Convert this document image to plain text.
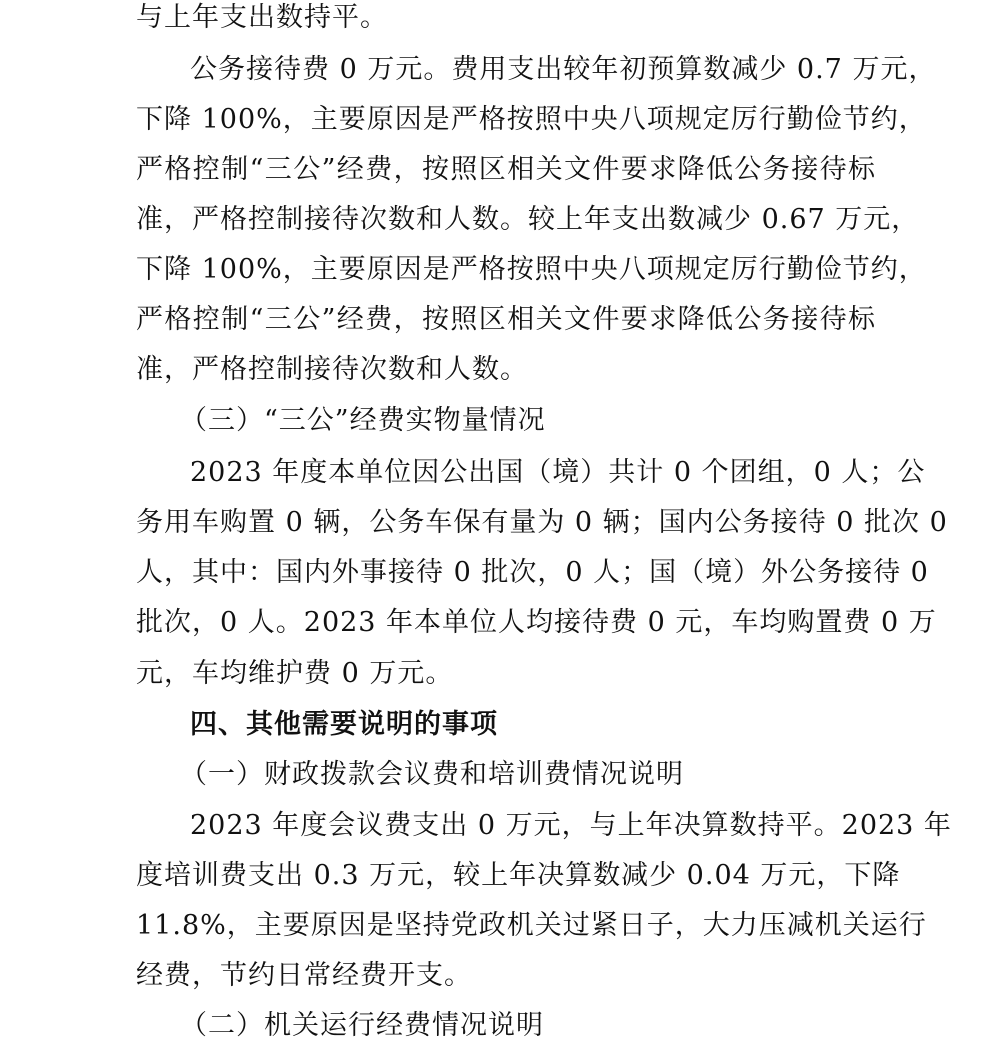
与上年支出数持平。
公务接待费 0 万元。费用支出较年初预算数减少 0.7 万元，
下降 100%，主要原因是严格按照中央八项规定厉行勤俭节约，
严格控制“三公”经费，按照区相关文件要求降低公务接待标
准，严格控制接待次数和人数。较上年支出数减少 0.67 万元，
下降 100%，主要原因是严格按照中央八项规定厉行勤俭节约，
严格控制“三公”经费，按照区相关文件要求降低公务接待标
准，严格控制接待次数和人数。
（三）“三公”经费实物量情况
2023 年度本单位因公出国（境）共计 0 个团组，0 人；公
务用车购置 0 辆，公务车保有量为 0 辆；国内公务接待 0 批次 0
人，其中：国内外事接待 0 批次，0 人；国（境）外公务接待 0
批次，0 人。2023 年本单位人均接待费 0 元，车均购置费 0 万
元，车均维护费 0 万元。
四、其他需要说明的事项
（一）财政拨款会议费和培训费情况说明
2023 年度会议费支出 0 万元，与上年决算数持平。2023 年
度培训费支出 0.3 万元，较上年决算数减少 0.04 万元，下降
11.8%，主要原因是坚持党政机关过紧日子，大力压减机关运行
经费，节约日常经费开支。
（二）机关运行经费情况说明
